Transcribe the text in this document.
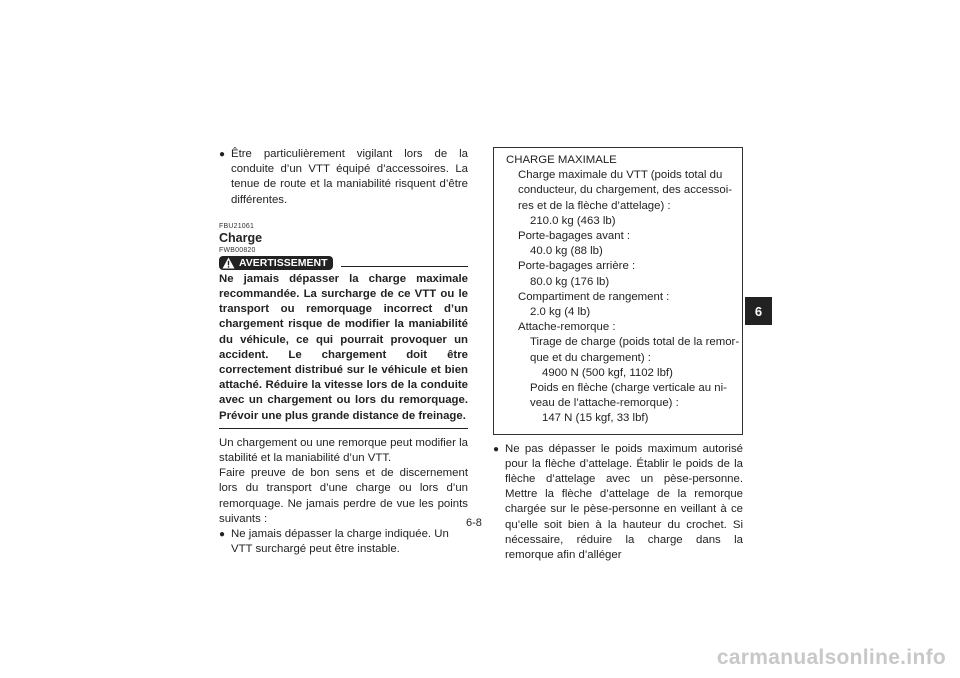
● Être particulièrement vigilant lors de la conduite d’un VTT équipé d’accessoires. La tenue de route et la maniabilité risquent d’être différentes.
FBU21061
Charge
FWB00820
AVERTISSEMENT
Ne jamais dépasser la charge maximale recommandée. La surcharge de ce VTT ou le transport ou remorquage incorrect d’un chargement risque de modifier la maniabilité du véhicule, ce qui pourrait provoquer un accident. Le chargement doit être correctement distribué sur le véhicule et bien attaché. Réduire la vitesse lors de la conduite avec un chargement ou lors du remorquage. Prévoir une plus grande distance de freinage.
Un chargement ou une remorque peut modifier la stabilité et la maniabilité d’un VTT.
Faire preuve de bon sens et de discernement lors du transport d’une charge ou lors d’un remorquage. Ne jamais perdre de vue les points suivants :
● Ne jamais dépasser la charge indiquée. Un VTT surchargé peut être instable.
CHARGE MAXIMALE
Charge maximale du VTT (poids total du
conducteur, du chargement, des accessoi-
res et de la flèche d’attelage) :
210.0 kg (463 lb)
Porte-bagages avant :
40.0 kg (88 lb)
Porte-bagages arrière :
80.0 kg (176 lb)
Compartiment de rangement :
2.0 kg (4 lb)
Attache-remorque :
Tirage de charge (poids total de la remor-
que et du chargement) :
4900 N (500 kgf, 1102 lbf)
Poids en flèche (charge verticale au ni-
veau de l’attache-remorque) :
147 N (15 kgf, 33 lbf)
● Ne pas dépasser le poids maximum autorisé pour la flèche d’attelage. Établir le poids de la flèche d’attelage avec un pèse-personne. Mettre la flèche d’attelage de la remorque chargée sur le pèse-personne en veillant à ce qu’elle soit bien à la hauteur du crochet. Si nécessaire, réduire la charge dans la remorque afin d’alléger
6
6-8
carmanualsonline.info
